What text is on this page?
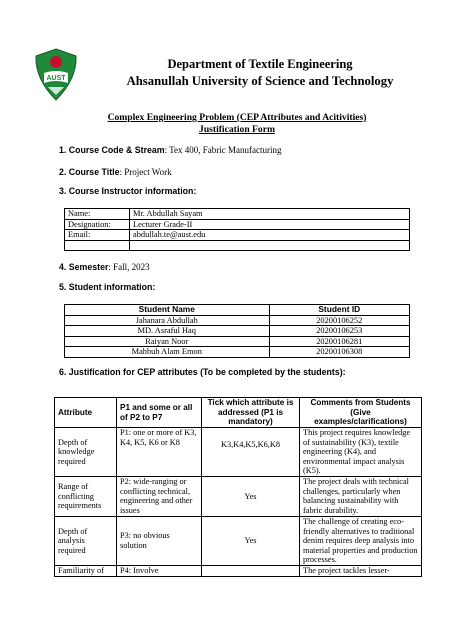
AUST
Department of Textile Engineering
Ahsanullah University of Science and Technology
Complex Engineering Problem (CEP Attributes and Acitivities)
Justification Form
1. Course Code & Stream: Tex 400, Fabric Manufacturing
2. Course Title: Project Work
3. Course Instructor information:
Name:	Mr. Abdullah Sayam
Designation:	Lecturer Grade-II
Email:	abdullah.te@aust.edu

4. Semester: Fall, 2023
5. Student information:
Student Name	Student ID
Jahanara Abdullah	20200106252
MD. Asraful Haq	20200106253
Raiyan Noor	20200106281
Mahbub Alam Emon	20200106308
6. Justification for CEP attributes (To be completed by the students):
Attribute	P1 and some or all of P2 to P7	Tick which attribute is addressed (P1 is mandatory)	Comments from Students (Give examples/clarifications)
Depth of knowledge required	P1: one or more of K3, K4, K5, K6 or K8	K3,K4,K5,K6,K8	This project requires knowledge of sustainability (K3), textile engineering (K4), and environmental impact analysis (K5).
Range of conflicting requirements	P2: wide-ranging or conflicting technical, engineering and other issues	Yes	The project deals with technical challenges, particularly when balancing sustainability with fabric durability.
Depth of analysis required	P3: no obvious solution	Yes	The challenge of creating eco-friendly alternatives to traditional denim requires deep analysis into material properties and production processes.
Familiarity of	P4: Involve		The project tackles lesser-
